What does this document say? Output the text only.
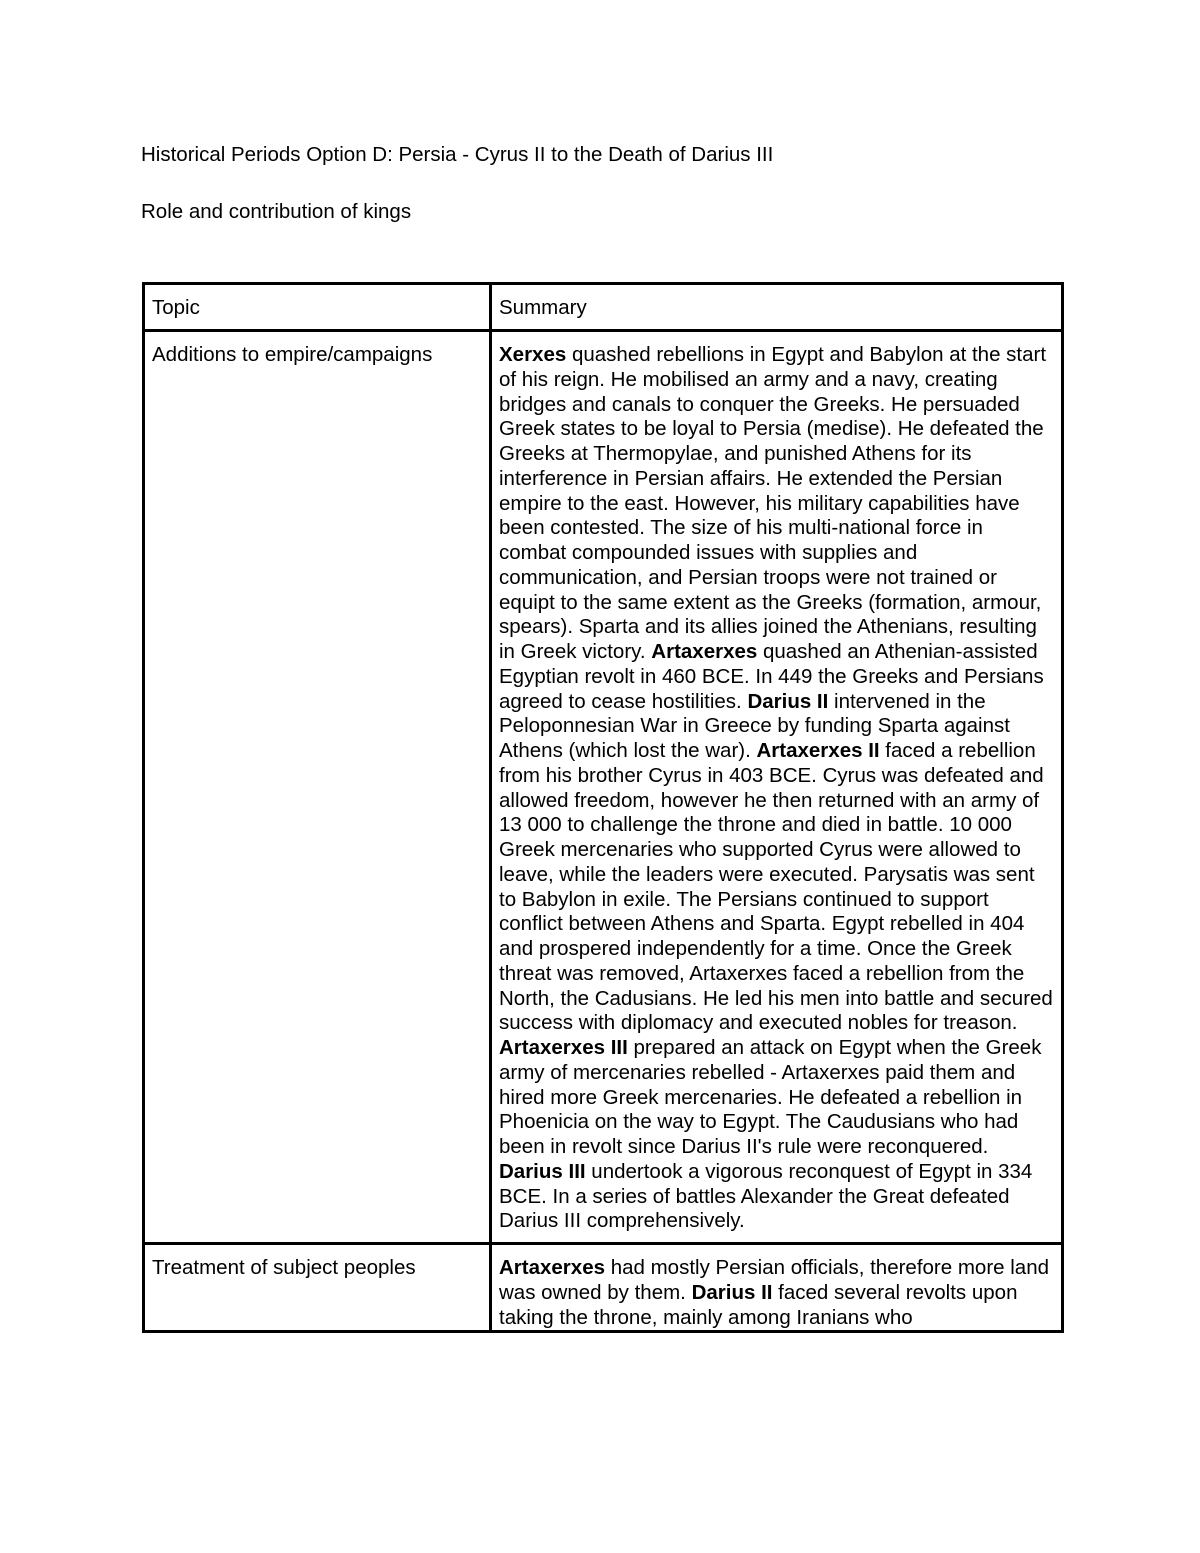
Historical Periods Option D: Persia - Cyrus II to the Death of Darius III

Role and contribution of kings

Topic	Summary
Additions to empire/campaigns	Xerxes quashed rebellions in Egypt and Babylon at the start of his reign. He mobilised an army and a navy, creating bridges and canals to conquer the Greeks. He persuaded Greek states to be loyal to Persia (medise). He defeated the Greeks at Thermopylae, and punished Athens for its interference in Persian affairs. He extended the Persian empire to the east. However, his military capabilities have been contested. The size of his multi-national force in combat compounded issues with supplies and communication, and Persian troops were not trained or equipt to the same extent as the Greeks (formation, armour, spears). Sparta and its allies joined the Athenians, resulting in Greek victory. Artaxerxes quashed an Athenian-assisted Egyptian revolt in 460 BCE. In 449 the Greeks and Persians agreed to cease hostilities. Darius II intervened in the Peloponnesian War in Greece by funding Sparta against Athens (which lost the war). Artaxerxes II faced a rebellion from his brother Cyrus in 403 BCE. Cyrus was defeated and allowed freedom, however he then returned with an army of 13 000 to challenge the throne and died in battle. 10 000 Greek mercenaries who supported Cyrus were allowed to leave, while the leaders were executed. Parysatis was sent to Babylon in exile. The Persians continued to support conflict between Athens and Sparta. Egypt rebelled in 404 and prospered independently for a time. Once the Greek threat was removed, Artaxerxes faced a rebellion from the North, the Cadusians. He led his men into battle and secured success with diplomacy and executed nobles for treason. Artaxerxes III prepared an attack on Egypt when the Greek army of mercenaries rebelled - Artaxerxes paid them and hired more Greek mercenaries. He defeated a rebellion in Phoenicia on the way to Egypt. The Caudusians who had been in revolt since Darius II's rule were reconquered. Darius III undertook a vigorous reconquest of Egypt in 334 BCE. In a series of battles Alexander the Great defeated Darius III comprehensively.
Treatment of subject peoples	Artaxerxes had mostly Persian officials, therefore more land was owned by them. Darius II faced several revolts upon taking the throne, mainly among Iranians who
